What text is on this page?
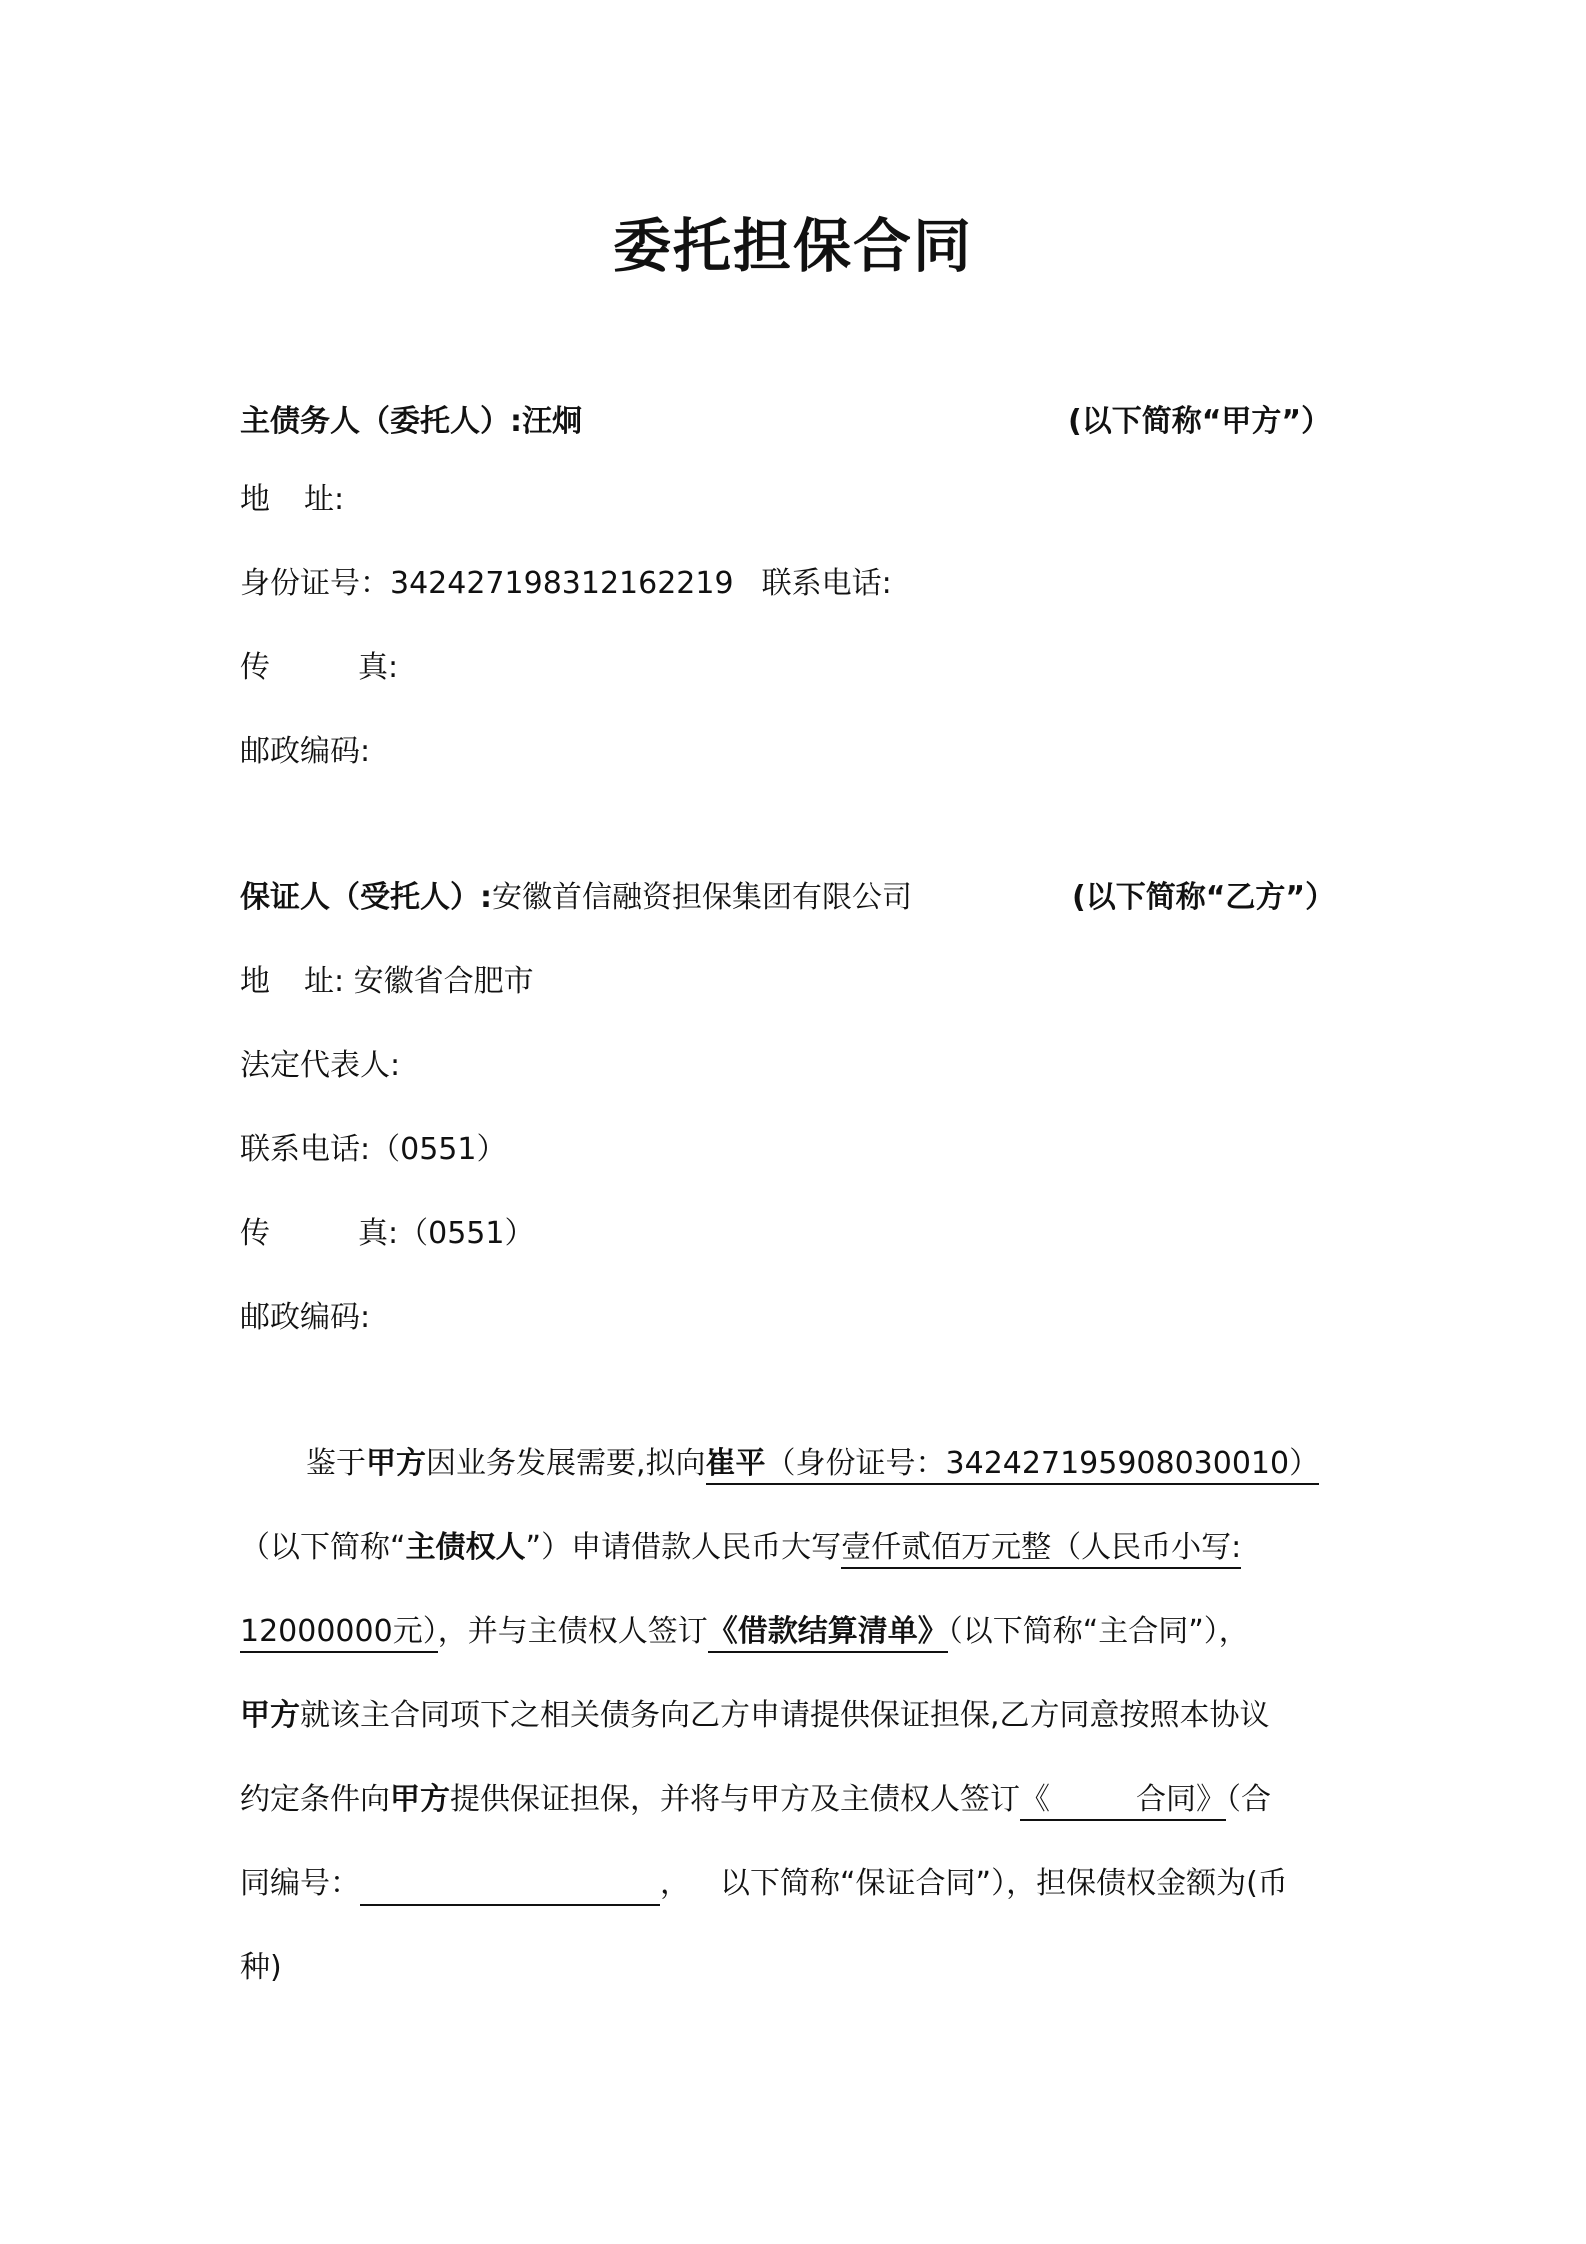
委托担保合同
主债务人（委托人）:汪炯	(以下简称“甲方”）
地 址:
身份证号：342427198312162219 联系电话:
传	真:
邮政编码:
保证人（受托人）:安徽首信融资担保集团有限公司	(以下简称“乙方”）
地 址: 安徽省合肥市
法定代表人:
联系电话:（0551）
传	真:（0551）
邮政编码:
鉴于甲方因业务发展需要,拟向崔平（身份证号：342427195908030010）
（以下简称“主债权人”）申请借款人民币大写壹仟贰佰万元整（人民币小写:
12000000元），并与主债权人签订《借款结算清单》（以下简称“主合同”），
甲方就该主合同项下之相关债务向乙方申请提供保证担保,乙方同意按照本协议
约定条件向甲方提供保证担保，并将与甲方及主债权人签订《	合同》（合
同编号：	， 以下简称“保证合同”），担保债权金额为(币
种)
